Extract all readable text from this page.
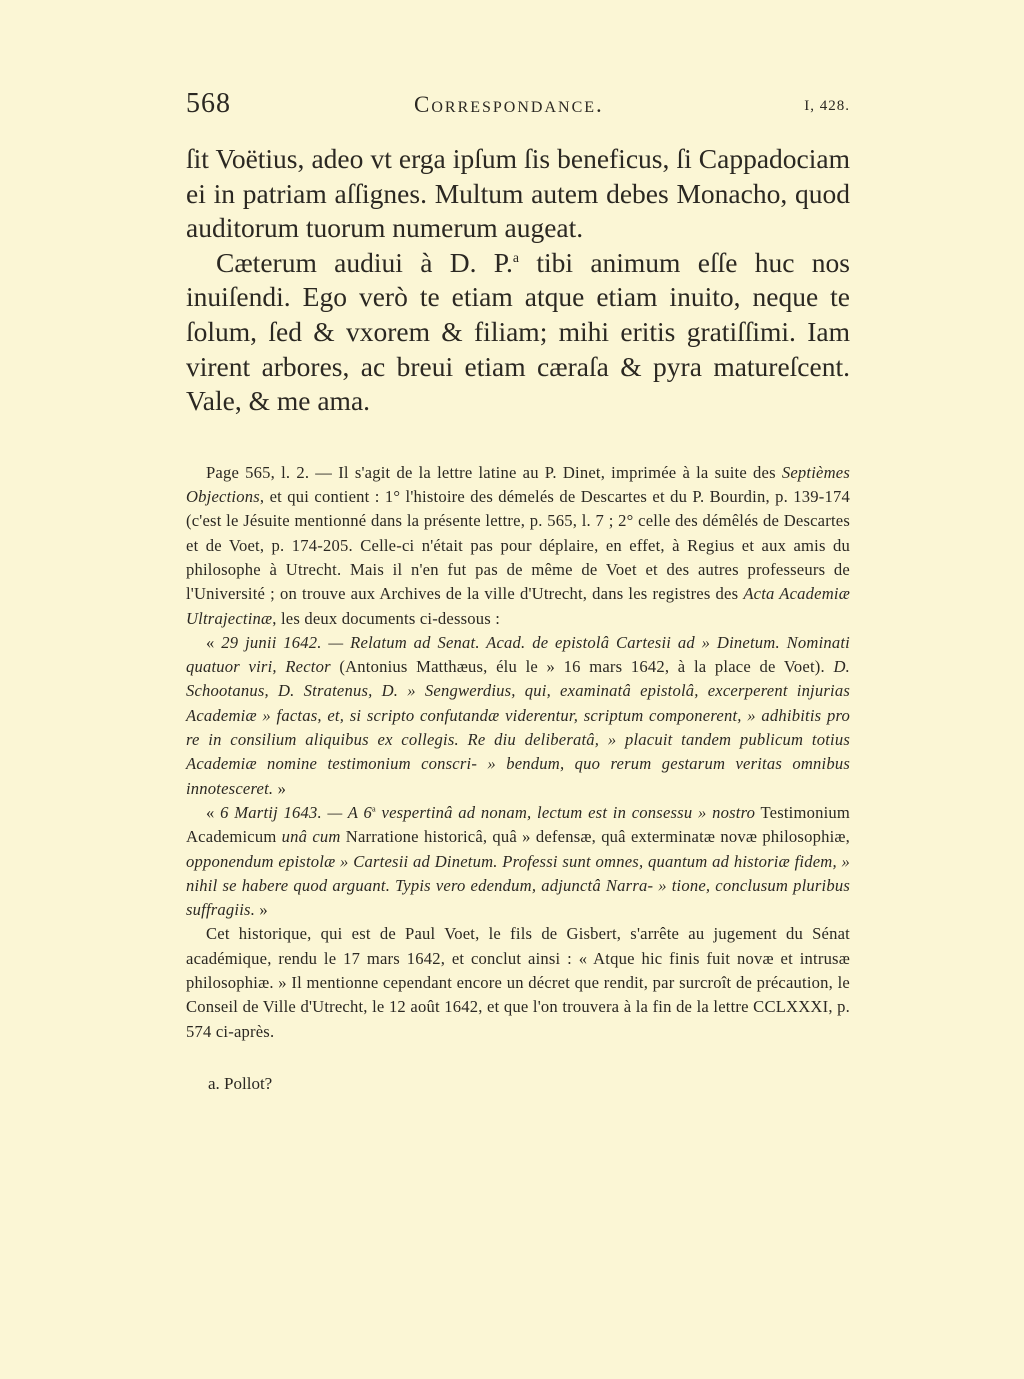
568	Correspondance.	I, 428.

ſit Voëtius, adeo vt erga ipſum ſis beneficus, ſi Cappadociam ei in patriam aſſignes. Multum autem debes Monacho, quod auditorum tuorum numerum augeat.

Cæterum audiui à D. P.$^a$ tibi animum eſſe huc nos inuiſendi. Ego verò te etiam atque etiam inuito, neque te ſolum, ſed & vxorem & filiam; mihi eritis gratiſſimi. Iam virent arbores, ac breui etiam cæraſa & pyra matureſcent. Vale, & me ama.

Page 565, l. 2. — Il s'agit de la lettre latine au P. Dinet, imprimée à la suite des Septièmes Objections, et qui contient : 1° l'histoire des démelés de Descartes et du P. Bourdin, p. 139-174 (c'est le Jésuite mentionné dans la présente lettre, p. 565, l. 7 ; 2° celle des démêlés de Descartes et de Voet, p. 174-205. Celle-ci n'était pas pour déplaire, en effet, à Regius et aux amis du philosophe à Utrecht. Mais il n'en fut pas de même de Voet et des autres professeurs de l'Université ; on trouve aux Archives de la ville d'Utrecht, dans les registres des Acta Academiæ Ultrajectinæ, les deux documents ci-dessous :

« 29 junii 1642. — Relatum ad Senat. Acad. de epistolâ Cartesii ad » Dinetum. Nominati quatuor viri, Rector (Antonius Matthæus, élu le » 16 mars 1642, à la place de Voet). D. Schootanus, D. Stratenus, D. » Sengwerdius, qui, examinatâ epistolâ, excerperent injurias Academiæ » factas, et, si scripto confutandæ viderentur, scriptum componerent, » adhibitis pro re in consilium aliquibus ex collegis. Re diu deliberatâ, » placuit tandem publicum totius Academiæ nomine testimonium conscri- » bendum, quo rerum gestarum veritas omnibus innotesceret. »

« 6 Martij 1643. — A 6$^a$ vespertinâ ad nonam, lectum est in consessu » nostro Testimonium Academicum unâ cum Narratione historicâ, quâ » defensæ, quâ exterminatæ novæ philosophiæ, opponendum epistolæ » Cartesii ad Dinetum. Professi sunt omnes, quantum ad historiæ fidem, » nihil se habere quod arguant. Typis vero edendum, adjunctâ Narra- » tione, conclusum pluribus suffragiis. »

Cet historique, qui est de Paul Voet, le fils de Gisbert, s'arrête au jugement du Sénat académique, rendu le 17 mars 1642, et conclut ainsi : « Atque hic finis fuit novæ et intrusæ philosophiæ. » Il mentionne cependant encore un décret que rendit, par surcroît de précaution, le Conseil de Ville d'Utrecht, le 12 août 1642, et que l'on trouvera à la fin de la lettre CCLXXXI, p. 574 ci-après.

a. Pollot?
